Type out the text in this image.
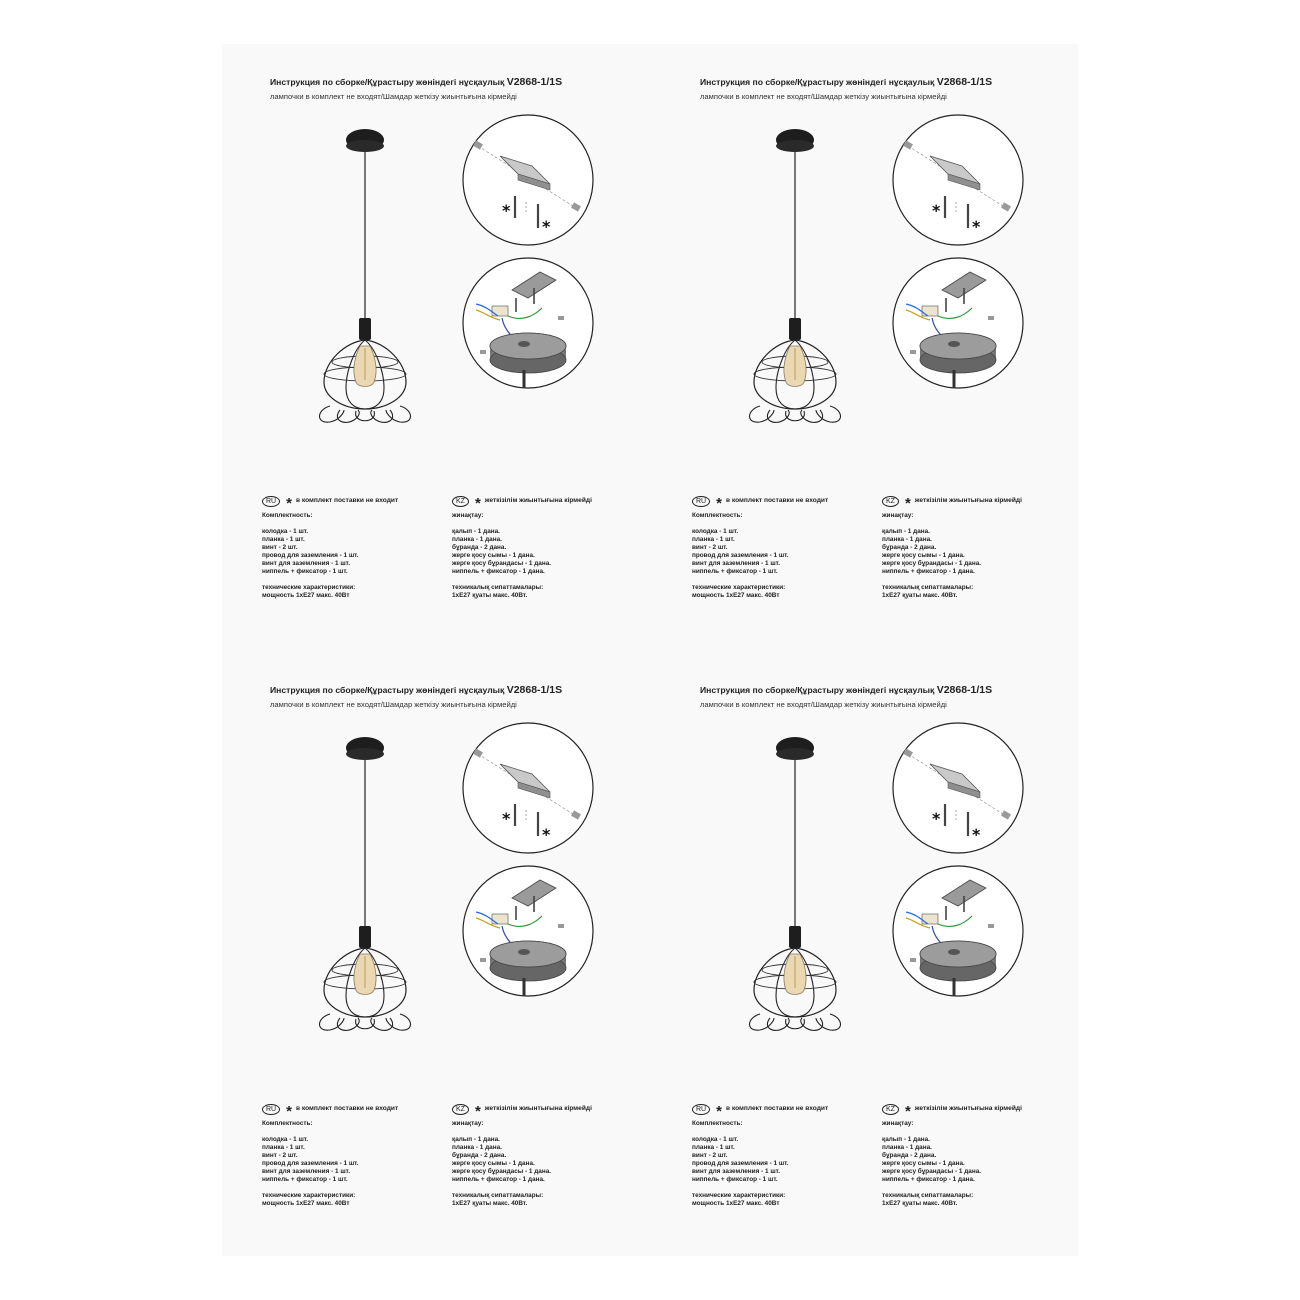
Инструкция по сборке/Құрастыру жөніндегі нұсқаулық V2868-1/1S
лампочки в комплект не входят/Шамдар жеткізу жиынтығына кірмейді
*
*
RU * в комплект поставки не входит
Комплектность:
колодка - 1 шт.
планка - 1 шт.
винт - 2 шт.
провод для заземления - 1 шт.
винт для заземления - 1 шт.
ниппель + фиксатор - 1 шт.
технические характеристики:
мощность 1хЕ27 макс. 40Вт
KZ * жеткізілім жиынтығына кірмейді
жинақтау:
қалып - 1 дана.
планка - 1 дана.
бұранда - 2 дана.
жерге қосу сымы - 1 дана.
жерге қосу бұрандасы - 1 дана.
ниппель + фиксатор - 1 дана.
техникалық сипаттамалары:
1хЕ27 қуаты макс. 40Вт.
Инструкция по сборке/Құрастыру жөніндегі нұсқаулық V2868-1/1S
лампочки в комплект не входят/Шамдар жеткізу жиынтығына кірмейді
*
*
RU * в комплект поставки не входит
Комплектность:
колодка - 1 шт.
планка - 1 шт.
винт - 2 шт.
провод для заземления - 1 шт.
винт для заземления - 1 шт.
ниппель + фиксатор - 1 шт.
технические характеристики:
мощность 1хЕ27 макс. 40Вт
KZ * жеткізілім жиынтығына кірмейді
жинақтау:
қалып - 1 дана.
планка - 1 дана.
бұранда - 2 дана.
жерге қосу сымы - 1 дана.
жерге қосу бұрандасы - 1 дана.
ниппель + фиксатор - 1 дана.
техникалық сипаттамалары:
1хЕ27 қуаты макс. 40Вт.
Инструкция по сборке/Құрастыру жөніндегі нұсқаулық V2868-1/1S
лампочки в комплект не входят/Шамдар жеткізу жиынтығына кірмейді
*
*
RU * в комплект поставки не входит
Комплектность:
колодка - 1 шт.
планка - 1 шт.
винт - 2 шт.
провод для заземления - 1 шт.
винт для заземления - 1 шт.
ниппель + фиксатор - 1 шт.
технические характеристики:
мощность 1хЕ27 макс. 40Вт
KZ * жеткізілім жиынтығына кірмейді
жинақтау:
қалып - 1 дана.
планка - 1 дана.
бұранда - 2 дана.
жерге қосу сымы - 1 дана.
жерге қосу бұрандасы - 1 дана.
ниппель + фиксатор - 1 дана.
техникалық сипаттамалары:
1хЕ27 қуаты макс. 40Вт.
Инструкция по сборке/Құрастыру жөніндегі нұсқаулық V2868-1/1S
лампочки в комплект не входят/Шамдар жеткізу жиынтығына кірмейді
*
*
RU * в комплект поставки не входит
Комплектность:
колодка - 1 шт.
планка - 1 шт.
винт - 2 шт.
провод для заземления - 1 шт.
винт для заземления - 1 шт.
ниппель + фиксатор - 1 шт.
технические характеристики:
мощность 1хЕ27 макс. 40Вт
KZ * жеткізілім жиынтығына кірмейді
жинақтау:
қалып - 1 дана.
планка - 1 дана.
бұранда - 2 дана.
жерге қосу сымы - 1 дана.
жерге қосу бұрандасы - 1 дана.
ниппель + фиксатор - 1 дана.
техникалық сипаттамалары:
1хЕ27 қуаты макс. 40Вт.
